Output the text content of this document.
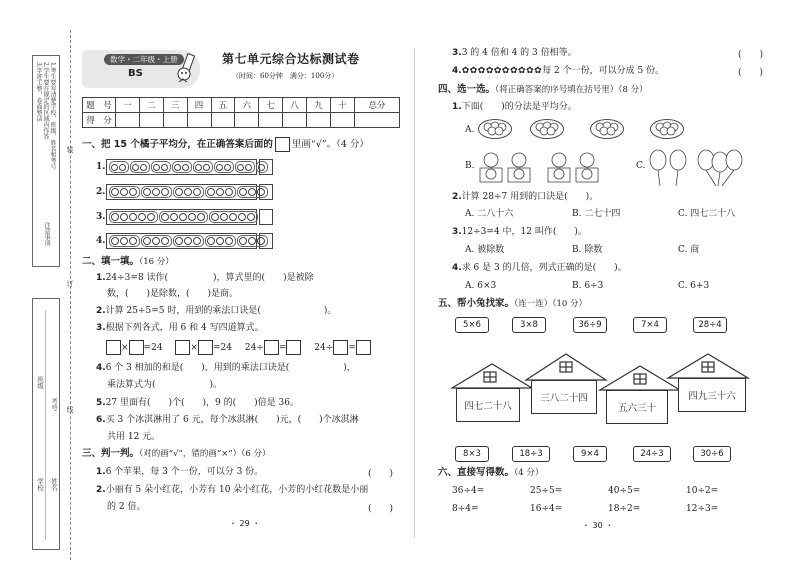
注意事项
1.考生要写清楚学校、班级、姓名和考号
2.学生要在规定的区域内作答
3.字迹工整，卷面整洁
装
订
线
班级
考号
姓名
学校
数学・二年级・上册
BS
第七单元综合达标测试卷
（时间：60分钟　满分：100分）
题　号	一	二	三	四	五	六	七	八	九	十	总分
得　分											
一、把 15 个橘子平均分，在正确答案后面的 里画“√”。（4 分）
1.
2.
3.
4.
二、填一填。（16 分）
1.24÷3=8 读作(　　　　　)，算式里的(　　)是被除
数，(　　)是除数，(　　)是商。
2.计算 25÷5=5 时，用到的乘法口诀是(　　　　　　　)。
3.根据下列各式，用 6 和 4 写四道算式。
× =24	× =24 24÷ =	24÷ =
4.6 个 3 相加的和是(　　)，用到的乘法口诀是(　　　　　　)，
乘法算式为(　　　　　　)。
5.27 里面有(　　)个(　　)，9 的(　　)倍是 36。
6.买 3 个冰淇淋用了 6 元，每个冰淇淋(　　)元，(　　)个冰淇淋
共用 12 元。
三、判一判。（对的画“√”，错的画“×”）（6 分）
1.6 个苹果，每 3 个一份，可以分 3 份。	(　　)
2.小丽有 5 朵小红花，小芳有 10 朵小红花，小芳的小红花数是小丽
的 2 倍。	(　　)
・ 29 ・
3.3 的 4 倍和 4 的 3 倍相等。	(　　)
4. ✿ ✿ ✿ ✿ ✿ ✿ ✿ ✿ ✿ ✿ 每 2 个一份，可以分成 5 份。	(　　)
四、选一选。（将正确答案的序号填在括号里）（8 分）
1.下面(　　)的分法是平均分。
A.
B.	C.
2.计算 28÷7 用到的口诀是(　　)。
A. 二八十六	B. 二七十四	C. 四七二十八
3.12÷3=4 中，12 叫作(　　)。
A. 被除数	B. 除数	C. 商
4.求 6 是 3 的几倍，列式正确的是(　　)。
A. 6×3	B. 6÷3	C. 6+3
五、帮小兔找家。（连一连）（10 分）
5×6	3×8	36÷9	7×4	28÷4
四七二十八
三八二十四
五六三十
四九三十六
8×3	18÷3	9×4	24÷3	30÷6
六、直接写得数。（4 分）
36÷4=	25÷5=	40÷5=	10÷2=
8÷4=	16÷4=	18÷2=	12÷3=
・ 30 ・
